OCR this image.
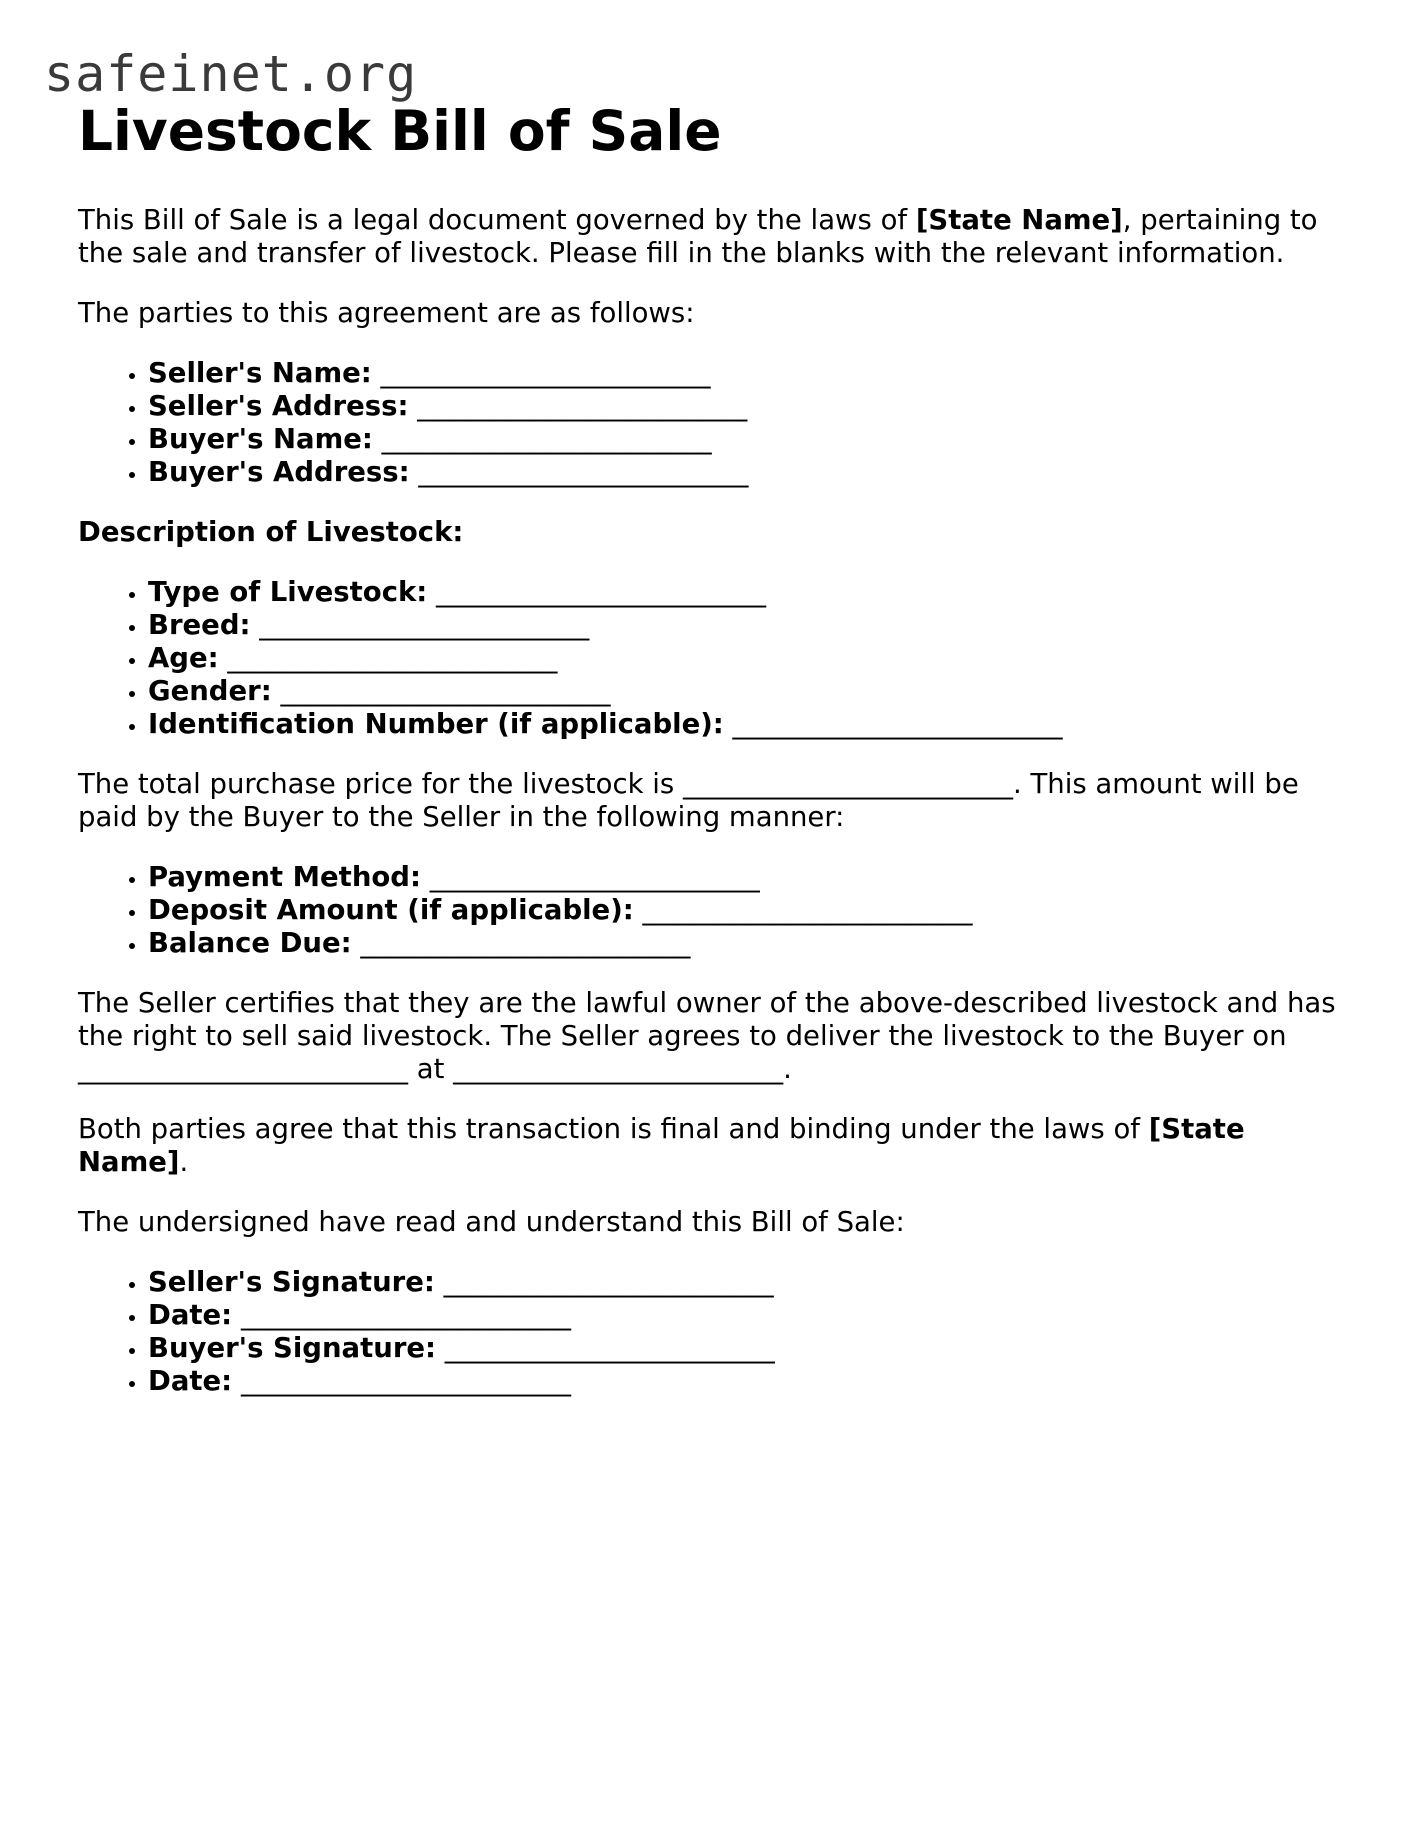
safeinet.org
Livestock Bill of Sale

This Bill of Sale is a legal document governed by the laws of [State Name], pertaining to the sale and transfer of livestock. Please fill in the blanks with the relevant information.

The parties to this agreement are as follows:

• Seller's Name: ________________________
• Seller's Address: ________________________
• Buyer's Name: ________________________
• Buyer's Address: ________________________

Description of Livestock:

• Type of Livestock: ________________________
• Breed: ________________________
• Age: ________________________
• Gender: ________________________
• Identification Number (if applicable): ________________________

The total purchase price for the livestock is ________________________. This amount will be paid by the Buyer to the Seller in the following manner:

• Payment Method: ________________________
• Deposit Amount (if applicable): ________________________
• Balance Due: ________________________

The Seller certifies that they are the lawful owner of the above-described livestock and has the right to sell said livestock. The Seller agrees to deliver the livestock to the Buyer on ________________________ at ________________________.

Both parties agree that this transaction is final and binding under the laws of [State Name].

The undersigned have read and understand this Bill of Sale:

• Seller's Signature: ________________________
• Date: ________________________
• Buyer's Signature: ________________________
• Date: ________________________
